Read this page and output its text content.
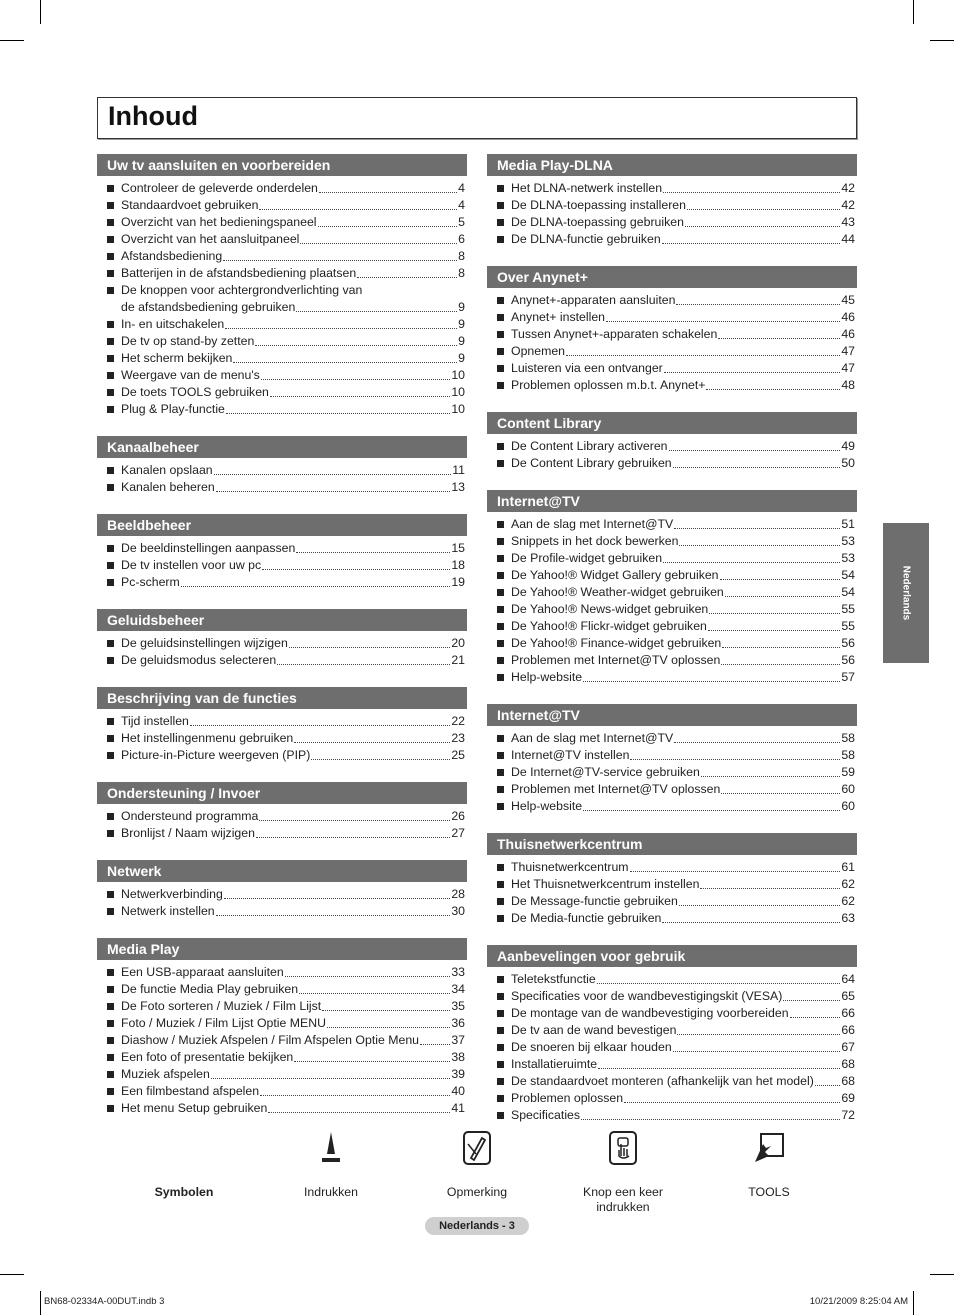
Inhoud
Uw tv aansluiten en voorbereiden
Controleer de geleverde onderdelen	4
Standaardvoet gebruiken	4
Overzicht van het bedieningspaneel	5
Overzicht van het aansluitpaneel	6
Afstandsbediening	8
Batterijen in de afstandsbediening plaatsen	8
De knoppen voor achtergrondverlichting van
de afstandsbediening gebruiken	9
In- en uitschakelen	9
De tv op stand-by zetten	9
Het scherm bekijken	9
Weergave van de menu's	10
De toets TOOLS gebruiken	10
Plug & Play-functie	10
Kanaalbeheer
Kanalen opslaan	11
Kanalen beheren	13
Beeldbeheer
De beeldinstellingen aanpassen	15
De tv instellen voor uw pc	18
Pc-scherm	19
Geluidsbeheer
De geluidsinstellingen wijzigen	20
De geluidsmodus selecteren	21
Beschrijving van de functies
Tijd instellen	22
Het instellingenmenu gebruiken	23
Picture-in-Picture weergeven (PIP)	25
Ondersteuning / Invoer
Ondersteund programma	26
Bronlijst / Naam wijzigen	27
Netwerk
Netwerkverbinding	28
Netwerk instellen	30
Media Play
Een USB-apparaat aansluiten	33
De functie Media Play gebruiken	34
De Foto sorteren / Muziek / Film Lijst	35
Foto / Muziek / Film Lijst Optie MENU	36
Diashow / Muziek Afspelen / Film Afspelen Optie Menu	37
Een foto of presentatie bekijken	38
Muziek afspelen	39
Een filmbestand afspelen	40
Het menu Setup gebruiken	41
Media Play-DLNA
Het DLNA-netwerk instellen	42
De DLNA-toepassing installeren	42
De DLNA-toepassing gebruiken	43
De DLNA-functie gebruiken	44
Over Anynet+
Anynet+-apparaten aansluiten	45
Anynet+ instellen	46
Tussen Anynet+-apparaten schakelen	46
Opnemen	47
Luisteren via een ontvanger	47
Problemen oplossen m.b.t. Anynet+	48
Content Library
De Content Library activeren	49
De Content Library gebruiken	50
Internet@TV
Aan de slag met Internet@TV	51
Snippets in het dock bewerken	53
De Profile-widget gebruiken	53
De Yahoo!® Widget Gallery gebruiken	54
De Yahoo!® Weather-widget gebruiken	54
De Yahoo!® News-widget gebruiken	55
De Yahoo!® Flickr-widget gebruiken	55
De Yahoo!® Finance-widget gebruiken	56
Problemen met Internet@TV oplossen	56
Help-website	57
Internet@TV
Aan de slag met Internet@TV	58
Internet@TV instellen	58
De Internet@TV-service gebruiken	59
Problemen met Internet@TV oplossen	60
Help-website	60
Thuisnetwerkcentrum
Thuisnetwerkcentrum	61
Het Thuisnetwerkcentrum instellen	62
De Message-functie gebruiken	62
De Media-functie gebruiken	63
Aanbevelingen voor gebruik
Teletekstfunctie	64
Specificaties voor de wandbevestigingskit (VESA)	65
De montage van de wandbevestiging voorbereiden	66
De tv aan de wand bevestigen	66
De snoeren bij elkaar houden	67
Installatieruimte	68
De standaardvoet monteren (afhankelijk van het model) 68
Problemen oplossen	69
Specificaties	72
Nederlands
Symbolen	Indrukken	Opmerking	Knop een keer
indrukken
TOOLS
Nederlands - 3
BN68-02334A-00DUT.indb 3	10/21/2009 8:25:04 AM
